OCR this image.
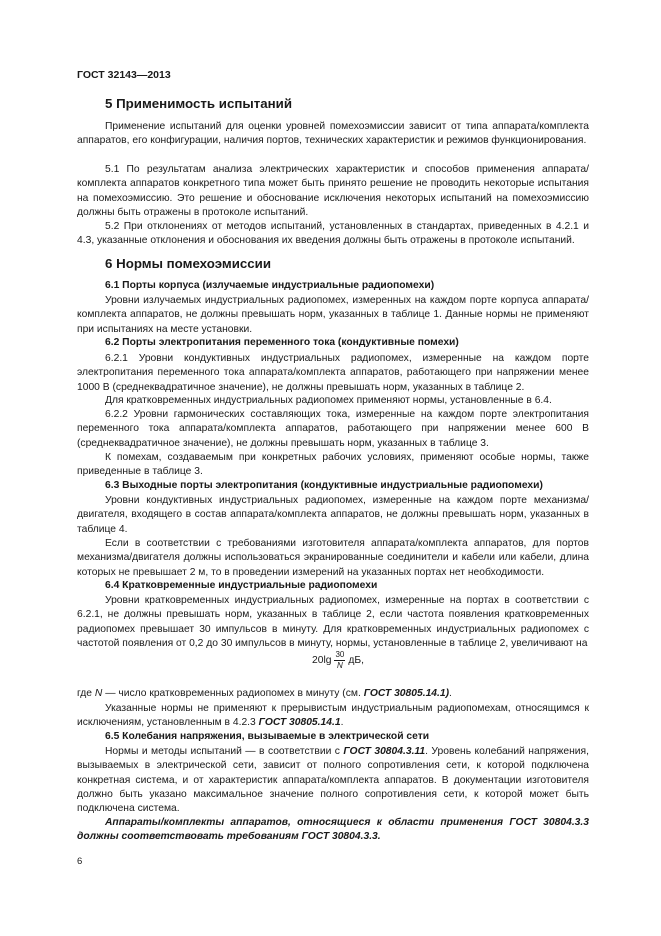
ГОСТ 32143—2013
5 Применимость испытаний
Применение испытаний для оценки уровней помехоэмиссии зависит от типа аппарата/комплекта аппаратов, его конфигурации, наличия портов, технических характеристик и режимов функционирования.
5.1 По результатам анализа электрических характеристик и способов применения аппарата/комплекта аппаратов конкретного типа может быть принято решение не проводить некоторые испытания на помехоэмиссию. Это решение и обоснование исключения некоторых испытаний на помехоэмиссию должны быть отражены в протоколе испытаний.
5.2 При отклонениях от методов испытаний, установленных в стандартах, приведенных в 4.2.1 и 4.3, указанные отклонения и обоснования их введения должны быть отражены в протоколе испытаний.
6 Нормы помехоэмиссии
6.1 Порты корпуса (излучаемые индустриальные радиопомехи)
Уровни излучаемых индустриальных радиопомех, измеренных на каждом порте корпуса аппарата/комплекта аппаратов, не должны превышать норм, указанных в таблице 1. Данные нормы не применяют при испытаниях на месте установки.
6.2 Порты электропитания переменного тока (кондуктивные помехи)
6.2.1 Уровни кондуктивных индустриальных радиопомех, измеренные на каждом порте электропитания переменного тока аппарата/комплекта аппаратов, работающего при напряжении менее 1000 В (среднеквадратичное значение), не должны превышать норм, указанных в таблице 2.
Для кратковременных индустриальных радиопомех применяют нормы, установленные в 6.4.
6.2.2 Уровни гармонических составляющих тока, измеренные на каждом порте электропитания переменного тока аппарата/комплекта аппаратов, работающего при напряжении менее 600 В (среднеквадратичное значение), не должны превышать норм, указанных в таблице 3.
К помехам, создаваемым при конкретных рабочих условиях, применяют особые нормы, также приведенные в таблице 3.
6.3 Выходные порты электропитания (кондуктивные индустриальные радиопомехи)
Уровни кондуктивных индустриальных радиопомех, измеренные на каждом порте механизма/двигателя, входящего в состав аппарата/комплекта аппаратов, не должны превышать норм, указанных в таблице 4.
Если в соответствии с требованиями изготовителя аппарата/комплекта аппаратов, для портов механизма/двигателя должны использоваться экранированные соединители и кабели или кабели, длина которых не превышает 2 м, то в проведении измерений на указанных портах нет необходимости.
6.4 Кратковременные индустриальные радиопомехи
Уровни кратковременных индустриальных радиопомех, измеренные на портах в соответствии с 6.2.1, не должны превышать норм, указанных в таблице 2, если частота появления кратковременных радиопомех превышает 30 импульсов в минуту. Для кратковременных индустриальных радиопомех с частотой появления от 0,2 до 30 импульсов в минуту, нормы, установленные в таблице 2, увеличивают на
$20\lg \frac{30}{N}$ дБ,
где N — число кратковременных радиопомех в минуту (см. ГОСТ 30805.14.1).
Указанные нормы не применяют к прерывистым индустриальным радиопомехам, относящимся к исключениям, установленным в 4.2.3 ГОСТ 30805.14.1.
6.5 Колебания напряжения, вызываемые в электрической сети
Нормы и методы испытаний — в соответствии с ГОСТ 30804.3.11. Уровень колебаний напряжения, вызываемых в электрической сети, зависит от полного сопротивления сети, к которой подключена конкретная система, и от характеристик аппарата/комплекта аппаратов. В документации изготовителя должно быть указано максимальное значение полного сопротивления сети, к которой может быть подключена система.
Аппараты/комплекты аппаратов, относящиеся к области применения ГОСТ 30804.3.3 должны соответствовать требованиям ГОСТ 30804.3.3.
6
